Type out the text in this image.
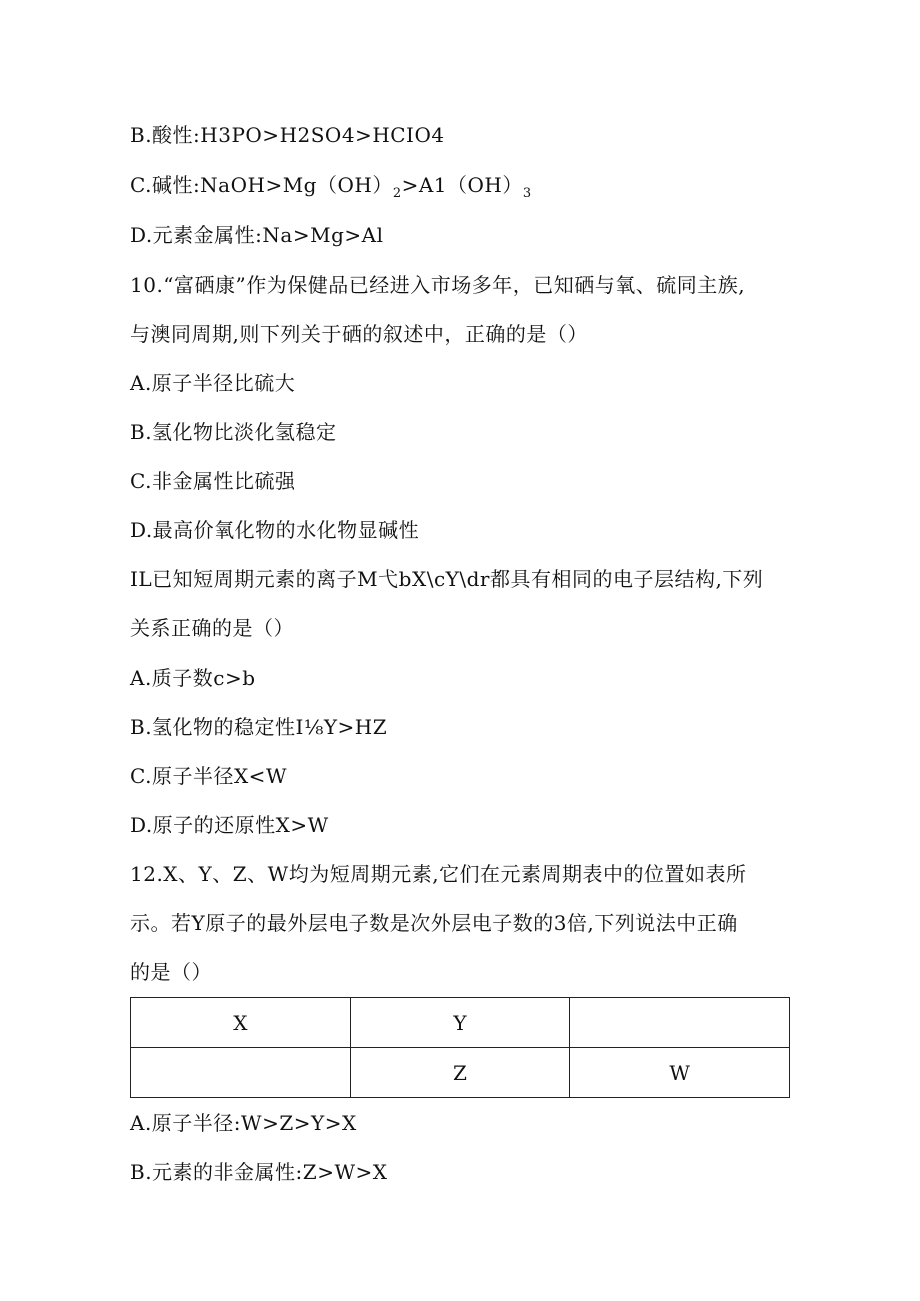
B.酸性:H3PO>H2SO4>HCIO4
C.碱性$:NaOH>Mg(OH)_2>A1(OH)_3$
D.元素金属性:Na>Mg>Al
10.“富硒康”作为保健品已经进入市场多年，已知硒与氧、硫同主族,
与澳同周期,则下列关于硒的叙述中，正确的是（）
A.原子半径比硫大
B.氢化物比淡化氢稳定
C.非金属性比硫强
D.最高价氧化物的水化物显碱性
IL已知短周期元素的离子M弋bX\cY\dr都具有相同的电子层结构,下列
关系正确的是（）
A.质子数c>b
B.氢化物的稳定性I⅛Y>HZ
C.原子半径X<W
D.原子的还原性X>W
12.X、Y、Z、W均为短周期元素,它们在元素周期表中的位置如表所
示。若Y原子的最外层电子数是次外层电子数的3倍,下列说法中正确
的是（）
X	Y	
	Z	W
A.原子半径:W>Z>Y>X
B.元素的非金属性:Z>W>X
